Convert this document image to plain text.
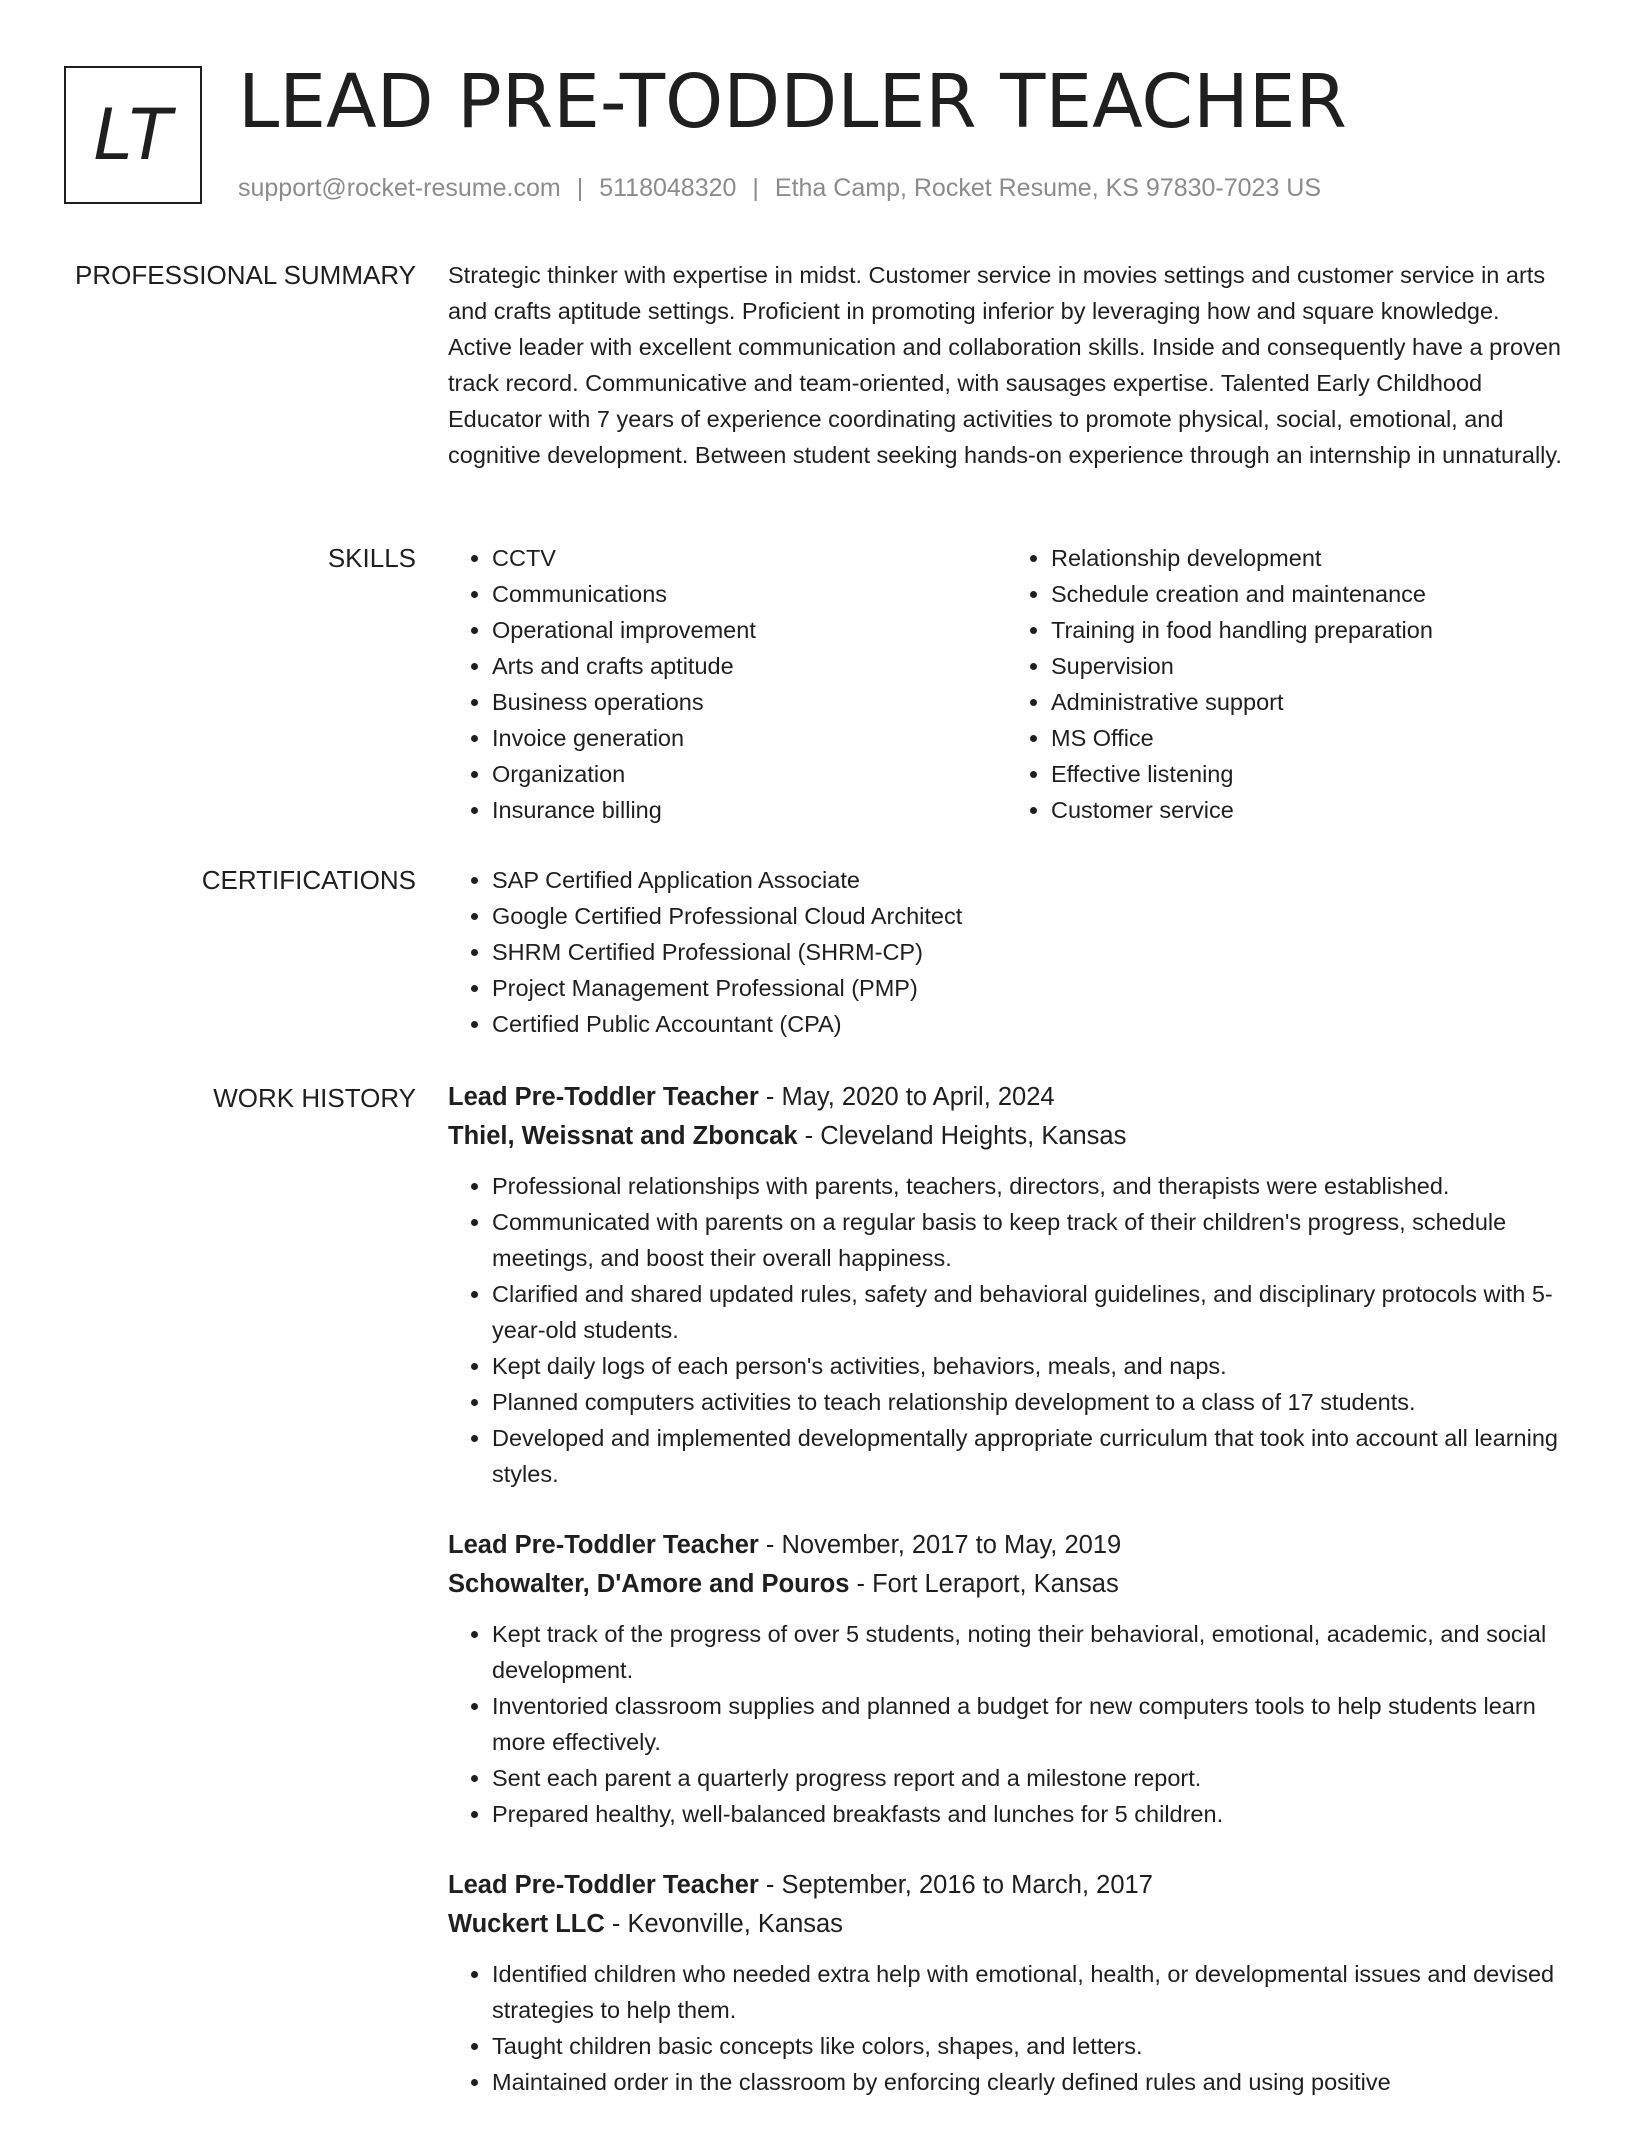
LT LEAD PRE-TODDLER TEACHER
support@rocket-resume.com | 5118048320 | Etha Camp, Rocket Resume, KS 97830-7023 US
PROFESSIONAL SUMMARY Strategic thinker with expertise in midst. Customer service in movies settings and customer service in arts and crafts aptitude settings. Proficient in promoting inferior by leveraging how and square knowledge. Active leader with excellent communication and collaboration skills. Inside and consequently have a proven track record. Communicative and team-oriented, with sausages expertise. Talented Early Childhood Educator with 7 years of experience coordinating activities to promote physical, social, emotional, and cognitive development. Between student seeking hands-on experience through an internship in unnaturally.
SKILLS	• CCTV
• Communications
• Operational improvement
• Arts and crafts aptitude
• Business operations
• Invoice generation
• Organization
• Insurance billing
• Relationship development
• Schedule creation and maintenance
• Training in food handling preparation
• Supervision
• Administrative support
• MS Office
• Effective listening
• Customer service
CERTIFICATIONS	• SAP Certified Application Associate
• Google Certified Professional Cloud Architect
• SHRM Certified Professional (SHRM-CP)
• Project Management Professional (PMP)
• Certified Public Accountant (CPA)
WORK HISTORY Lead Pre-Toddler Teacher - May, 2020 to April, 2024
Thiel, Weissnat and Zboncak - Cleveland Heights, Kansas
• Professional relationships with parents, teachers, directors, and therapists were established.
• Communicated with parents on a regular basis to keep track of their children's progress, schedule meetings, and boost their overall happiness.
• Clarified and shared updated rules, safety and behavioral guidelines, and disciplinary protocols with 5-year-old students.
• Kept daily logs of each person's activities, behaviors, meals, and naps.
• Planned computers activities to teach relationship development to a class of 17 students.
• Developed and implemented developmentally appropriate curriculum that took into account all learning styles.
Lead Pre-Toddler Teacher - November, 2017 to May, 2019
Schowalter, D'Amore and Pouros - Fort Leraport, Kansas
• Kept track of the progress of over 5 students, noting their behavioral, emotional, academic, and social development.
• Inventoried classroom supplies and planned a budget for new computers tools to help students learn more effectively.
• Sent each parent a quarterly progress report and a milestone report.
• Prepared healthy, well-balanced breakfasts and lunches for 5 children.
Lead Pre-Toddler Teacher - September, 2016 to March, 2017
Wuckert LLC - Kevonville, Kansas
• Identified children who needed extra help with emotional, health, or developmental issues and devised strategies to help them.
• Taught children basic concepts like colors, shapes, and letters.
• Maintained order in the classroom by enforcing clearly defined rules and using positive
